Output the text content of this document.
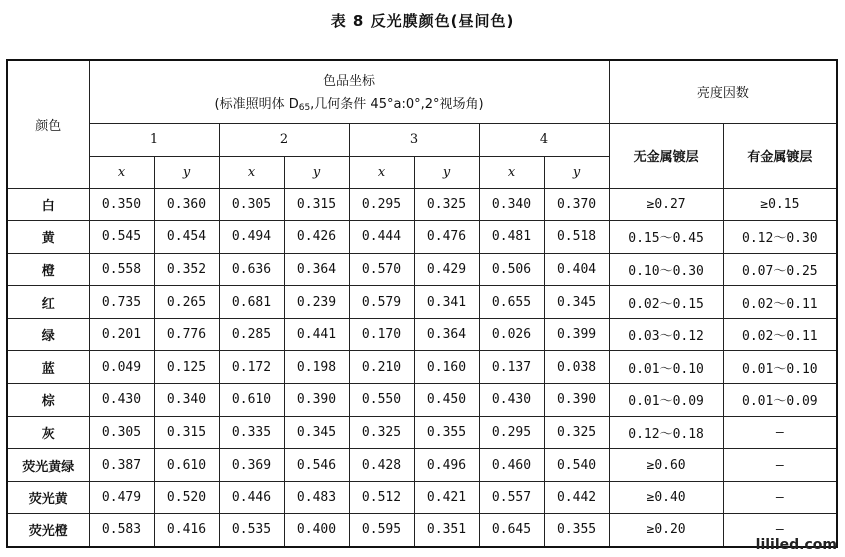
表 8 反光膜颜色(昼间色)
颜色	色品坐标
(标准照明体 $D_{65}$,几何条件 45°a:0°,2°视场角)								亮度因数	
	1		2		3		4		无金属镀层	有金属镀层
	x	y	x	y	x	y	x	y		
白	0.350	0.360	0.305	0.315	0.295	0.325	0.340	0.370	≥0.27	≥0.15
黄	0.545	0.454	0.494	0.426	0.444	0.476	0.481	0.518	0.15～0.45	0.12～0.30
橙	0.558	0.352	0.636	0.364	0.570	0.429	0.506	0.404	0.10～0.30	0.07～0.25
红	0.735	0.265	0.681	0.239	0.579	0.341	0.655	0.345	0.02～0.15	0.02～0.11
绿	0.201	0.776	0.285	0.441	0.170	0.364	0.026	0.399	0.03～0.12	0.02～0.11
蓝	0.049	0.125	0.172	0.198	0.210	0.160	0.137	0.038	0.01～0.10	0.01～0.10
棕	0.430	0.340	0.610	0.390	0.550	0.450	0.430	0.390	0.01～0.09	0.01～0.09
灰	0.305	0.315	0.335	0.345	0.325	0.355	0.295	0.325	0.12～0.18	—
荧光黄绿	0.387	0.610	0.369	0.546	0.428	0.496	0.460	0.540	≥0.60	—
荧光黄	0.479	0.520	0.446	0.483	0.512	0.421	0.557	0.442	≥0.40	—
荧光橙	0.583	0.416	0.535	0.400	0.595	0.351	0.645	0.355	≥0.20	—
lililed.com
